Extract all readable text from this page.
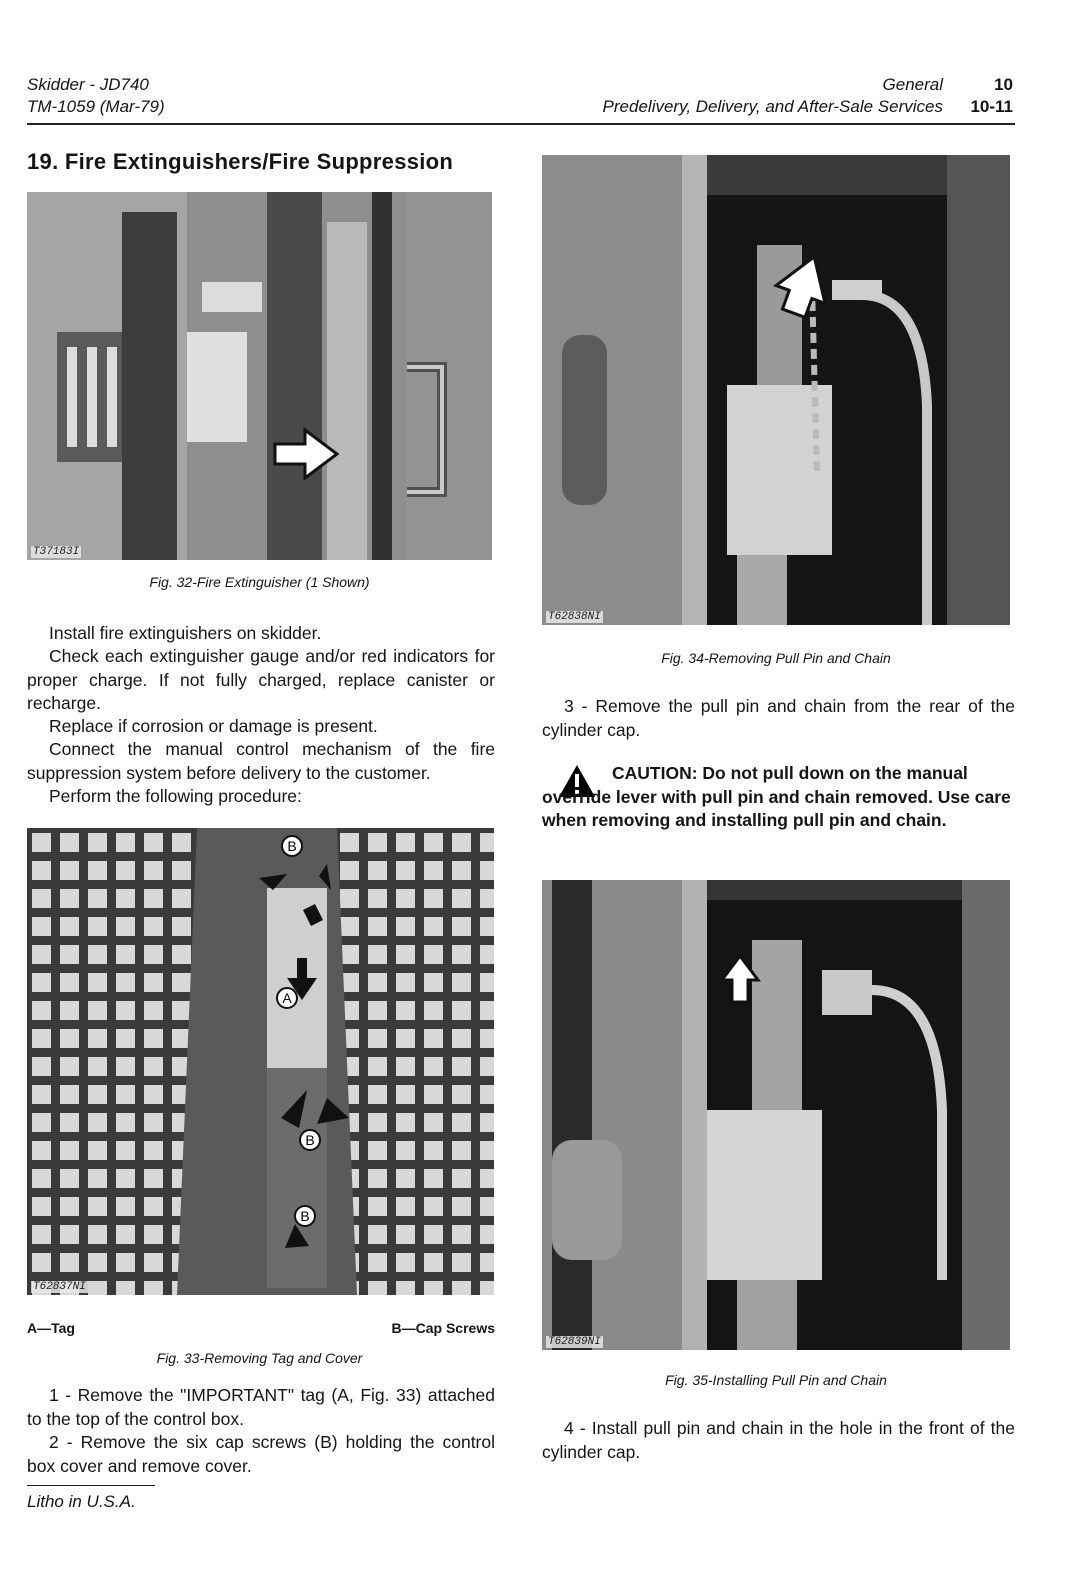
Skidder - JD740
TM-1059 (Mar-79)
General
Predelivery, Delivery, and After-Sale Services
10
10-11
19. Fire Extinguishers/Fire Suppression
T37183I
Fig. 32-Fire Extinguisher (1 Shown)

Install fire extinguishers on skidder.

Check each extinguisher gauge and/or red indicators for proper charge. If not fully charged, replace canister or recharge.

Replace if corrosion or damage is present.

Connect the manual control mechanism of the fire suppression system before delivery to the customer.

Perform the following procedure:

B
A
B
B
T62837NI
A—Tag	B—Cap Screws
Fig. 33-Removing Tag and Cover

1 - Remove the "IMPORTANT" tag (A, Fig. 33) attached to the top of the control box.

2 - Remove the six cap screws (B) holding the control box cover and remove cover.

T62838NI
Fig. 34-Removing Pull Pin and Chain

3 - Remove the pull pin and chain from the rear of the cylinder cap.

CAUTION: Do not pull down on the manual override lever with pull pin and chain removed. Use care when removing and installing pull pin and chain.

T62839NI
Fig. 35-Installing Pull Pin and Chain

4 - Install pull pin and chain in the hole in the front of the cylinder cap.

Litho in U.S.A.
